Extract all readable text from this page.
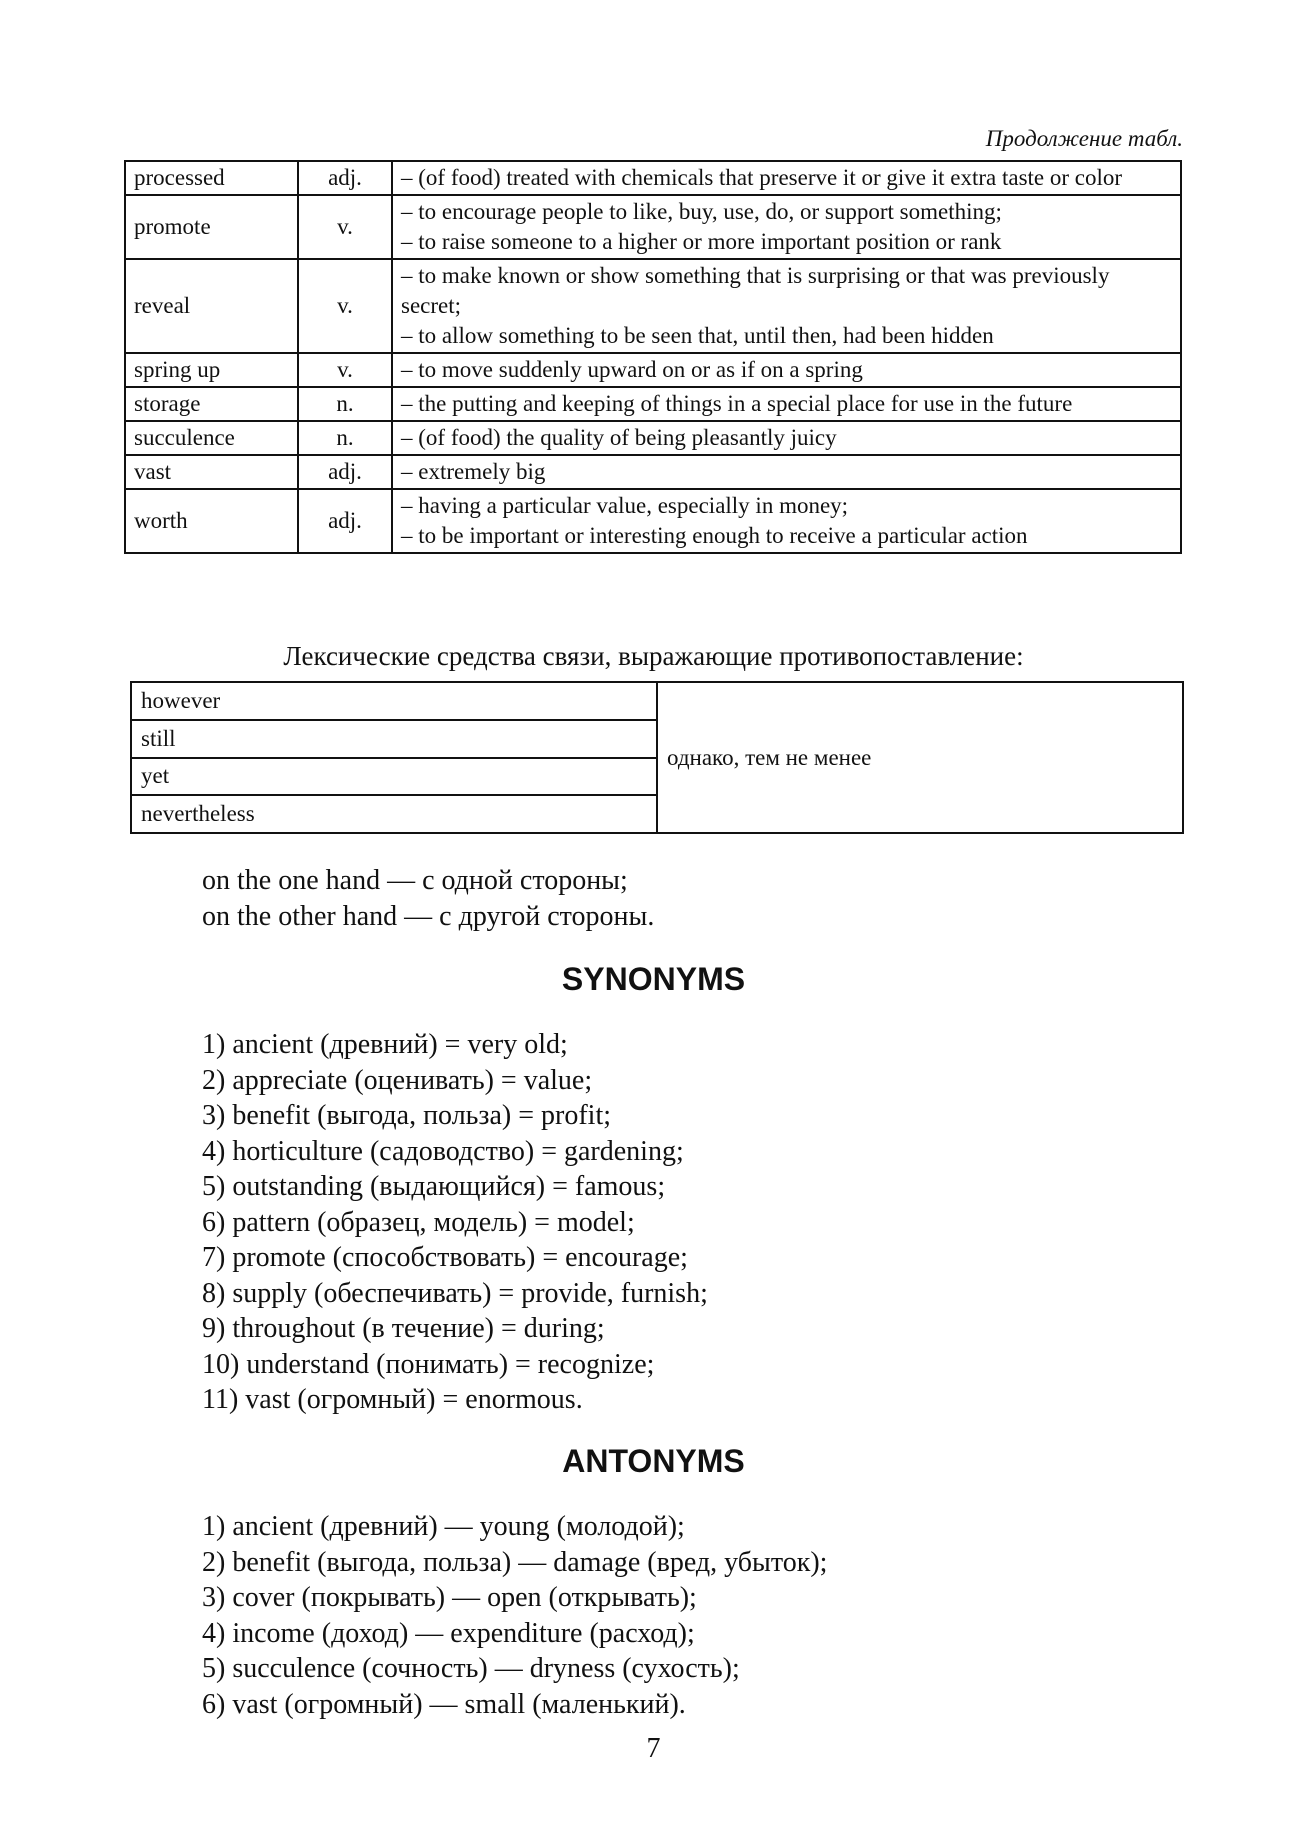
Продолжение табл.
processed	adj.	– (of food) treated with chemicals that preserve it or give it extra taste or color

promote	v.	– to encourage people to like, buy, use, do, or support something;
– to raise someone to a higher or more important position or rank

reveal	v.	– to make known or show something that is surprising or that was previously secret;
– to allow something to be seen that, until then, had been hidden

spring up	v.	– to move suddenly upward on or as if on a spring

storage	n.	– the putting and keeping of things in a special place for use in the future

succulence	n.	– (of food) the quality of being pleasantly juicy

vast	adj.	– extremely big

worth	adj.	– having a particular value, especially in money;
– to be important or interesting enough to receive a particular action
Лексические средства связи, выражающие противопоставление:
however	однако, тем не менее
still
yet
nevertheless
on the one hand — с одной стороны;
on the other hand — с другой стороны.
SYNONYMS
1) ancient (древний) = very old;
2) appreciate (оценивать) = value;
3) benefit (выгода, польза) = profit;
4) horticulture (садоводство) = gardening;
5) outstanding (выдающийся) = famous;
6) pattern (образец, модель) = model;
7) promote (способствовать) = encourage;
8) supply (обеспечивать) = provide, furnish;
9) throughout (в течение) = during;
10) understand (понимать) = recognize;
11) vast (огромный) = enormous.
ANTONYMS
1) ancient (древний) — young (молодой);
2) benefit (выгода, польза) — damage (вред, убыток);
3) cover (покрывать) — open (открывать);
4) income (доход) — expenditure (расход);
5) succulence (сочность) — dryness (сухость);
6) vast (огромный) — small (маленький).
7
